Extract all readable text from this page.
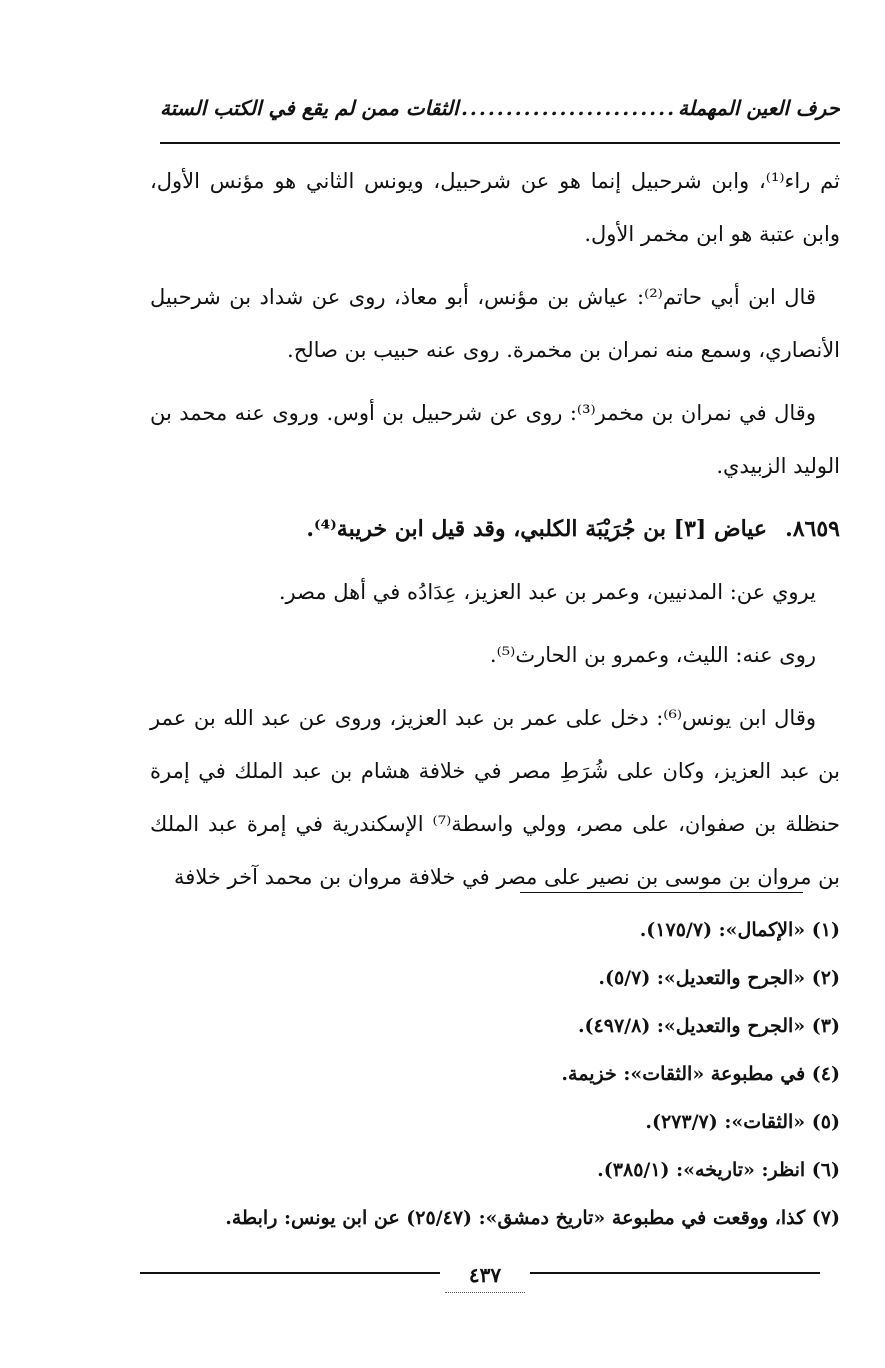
حرف العين المهملة
........................
الثقات ممن لم يقع في الكتب الستة

ثم راء⁽¹⁾، وابن شرحبيل إنما هو عن شرحبيل، ويونس الثاني هو مؤنس الأول، وابن عتبة هو ابن مخمر الأول.

قال ابن أبي حاتم⁽²⁾: عياش بن مؤنس، أبو معاذ، روى عن شداد بن شرحبيل الأنصاري، وسمع منه نمران بن مخمرة. روى عنه حبيب بن صالح.

وقال في نمران بن مخمر⁽³⁾: روى عن شرحبيل بن أوس. وروى عنه محمد بن الوليد الزبيدي.

٨٦٥٩.عياض [٣] بن جُرَيْبَة الكلبي، وقد قيل ابن خريبة⁽⁴⁾.

يروي عن: المدنيين، وعمر بن عبد العزيز، عِدَادُه في أهل مصر.

روى عنه: الليث، وعمرو بن الحارث⁽⁵⁾.

وقال ابن يونس⁽⁶⁾: دخل على عمر بن عبد العزيز، وروى عن عبد الله بن عمر بن عبد العزيز، وكان على شُرَطِ مصر في خلافة هشام بن عبد الملك في إمرة حنظلة بن صفوان، على مصر، وولي واسطة⁽⁷⁾ الإسكندرية في إمرة عبد الملك بن مروان بن موسى بن نصير على مصر في خلافة مروان بن محمد آخر خلافة

(١) «الإكمال»: (١٧٥/٧).
(٢) «الجرح والتعديل»: (٥/٧).
(٣) «الجرح والتعديل»: (٤٩٧/٨).
(٤) في مطبوعة «الثقات»: خزيمة.
(٥) «الثقات»: (٢٧٣/٧).
(٦) انظر: «تاريخه»: (٣٨٥/١).
(٧) كذا، ووقعت في مطبوعة «تاريخ دمشق»: (٢٥/٤٧) عن ابن يونس: رابطة.
٤٣٧
